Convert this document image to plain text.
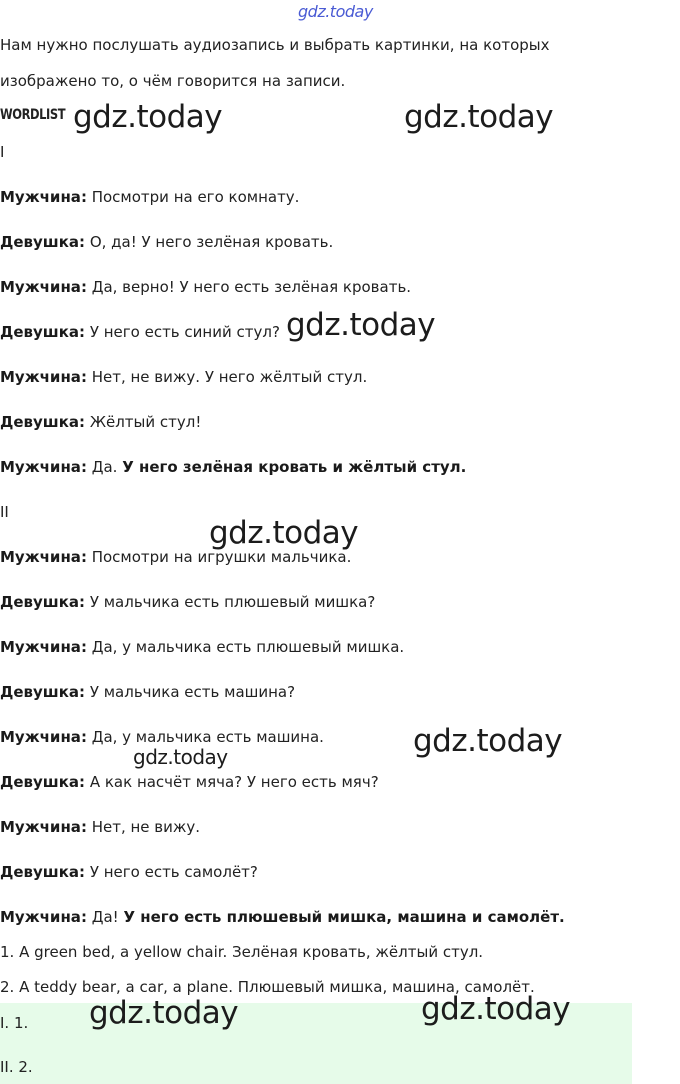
gdz.today
Нам нужно послушать аудиозапись и выбрать картинки, на которых
изображено то, о чём говорится на записи.
WORDLIST
I
Мужчина: Посмотри на его комнату.
Девушка: О, да! У него зелёная кровать.
Мужчина: Да, верно! У него есть зелёная кровать.
Девушка: У него есть синий стул?
Мужчина: Нет, не вижу. У него жёлтый стул.
Девушка: Жёлтый стул!
Мужчина: Да. У него зелёная кровать и жёлтый стул.
II
Мужчина: Посмотри на игрушки мальчика.
Девушка: У мальчика есть плюшевый мишка?
Мужчина: Да, у мальчика есть плюшевый мишка.
Девушка: У мальчика есть машина?
Мужчина: Да, у мальчика есть машина.
Девушка: А как насчёт мяча? У него есть мяч?
Мужчина: Нет, не вижу.
Девушка: У него есть самолёт?
Мужчина: Да! У него есть плюшевый мишка, машина и самолёт.
1. A green bed, a yellow chair. Зелёная кровать, жёлтый стул.
2. A teddy bear, a car, a plane. Плюшевый мишка, машина, самолёт.
I. 1.
II. 2.
gdz.today	gdz.today
gdz.today
gdz.today
gdz.today
gdz.today
gdz.today	gdz.today
